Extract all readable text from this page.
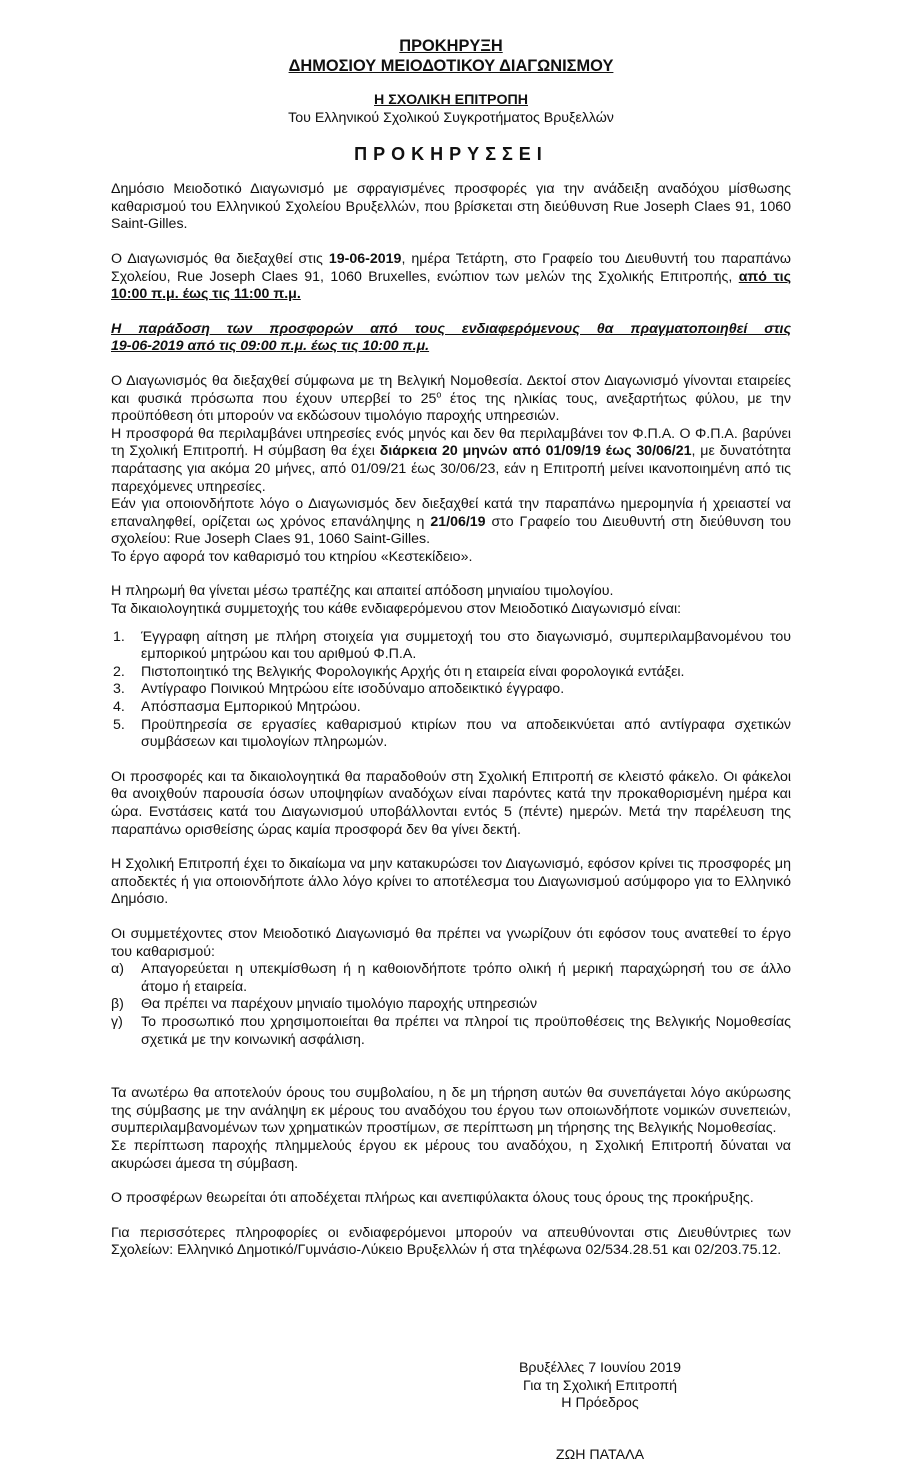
ΠΡΟΚΗΡΥΞΗ
ΔΗΜΟΣΙΟΥ ΜΕΙΟΔΟΤΙΚΟΥ ΔΙΑΓΩΝΙΣΜΟΥ
Η ΣΧΟΛΙΚΗ ΕΠΙΤΡΟΠΗ
Του Ελληνικού Σχολικού Συγκροτήματος Βρυξελλών
ΠΡΟΚΗΡΥΣΣΕΙ

Δημόσιο Μειοδοτικό Διαγωνισμό με σφραγισμένες προσφορές για την ανάδειξη αναδόχου μίσθωσης καθαρισμού του Ελληνικού Σχολείου Βρυξελλών, που βρίσκεται στη διεύθυνση Rue Joseph Claes 91, 1060 Saint-Gilles.

Ο Διαγωνισμός θα διεξαχθεί στις 19-06-2019, ημέρα Τετάρτη, στο Γραφείο του Διευθυντή του παραπάνω Σχολείου, Rue Joseph Claes 91, 1060 Bruxelles, ενώπιον των μελών της Σχολικής Επιτροπής, από τις 10:00 π.μ. έως τις 11:00 π.μ.

Η παράδοση των προσφορών από τους ενδιαφερόμενους θα πραγματοποιηθεί στις

19-06-2019 από τις 09:00 π.μ. έως τις 10:00 π.μ.

Ο Διαγωνισμός θα διεξαχθεί σύμφωνα με τη Βελγική Νομοθεσία. Δεκτοί στον Διαγωνισμό γίνονται εταιρείες και φυσικά πρόσωπα που έχουν υπερβεί το $25^o$ έτος της ηλικίας τους, ανεξαρτήτως φύλου, με την προϋπόθεση ότι μπορούν να εκδώσουν τιμολόγιο παροχής υπηρεσιών.

Η προσφορά θα περιλαμβάνει υπηρεσίες ενός μηνός και δεν θα περιλαμβάνει τον Φ.Π.Α. Ο Φ.Π.Α. βαρύνει τη Σχολική Επιτροπή. Η σύμβαση θα έχει διάρκεια 20 μηνών από 01/09/19 έως 30/06/21, με δυνατότητα παράτασης για ακόμα 20 μήνες, από 01/09/21 έως 30/06/23, εάν η Επιτροπή μείνει ικανοποιημένη από τις παρεχόμενες υπηρεσίες.

Εάν για οποιονδήποτε λόγο ο Διαγωνισμός δεν διεξαχθεί κατά την παραπάνω ημερομηνία ή χρειαστεί να επαναληφθεί, ορίζεται ως χρόνος επανάληψης η 21/06/19 στο Γραφείο του Διευθυντή στη διεύθυνση του σχολείου: Rue Joseph Claes 91, 1060 Saint-Gilles.

Το έργο αφορά τον καθαρισμό του κτηρίου «Κεστεκίδειο».

Η πληρωμή θα γίνεται μέσω τραπέζης και απαιτεί απόδοση μηνιαίου τιμολογίου.

Τα δικαιολογητικά συμμετοχής του κάθε ενδιαφερόμενου στον Μειοδοτικό Διαγωνισμό είναι:

1. Έγγραφη αίτηση με πλήρη στοιχεία για συμμετοχή του στο διαγωνισμό, συμπεριλαμβανομένου του εμπορικού μητρώου και του αριθμού Φ.Π.Α.
2. Πιστοποιητικό της Βελγικής Φορολογικής Αρχής ότι η εταιρεία είναι φορολογικά εντάξει.
3. Αντίγραφο Ποινικού Μητρώου είτε ισοδύναμο αποδεικτικό έγγραφο.
4. Απόσπασμα Εμπορικού Μητρώου.
5. Προϋπηρεσία σε εργασίες καθαρισμού κτιρίων που να αποδεικνύεται από αντίγραφα σχετικών συμβάσεων και τιμολογίων πληρωμών.

Οι προσφορές και τα δικαιολογητικά θα παραδοθούν στη Σχολική Επιτροπή σε κλειστό φάκελο. Οι φάκελοι θα ανοιχθούν παρουσία όσων υποψηφίων αναδόχων είναι παρόντες κατά την προκαθορισμένη ημέρα και ώρα. Ενστάσεις κατά του Διαγωνισμού υποβάλλονται εντός 5 (πέντε) ημερών. Μετά την παρέλευση της παραπάνω ορισθείσης ώρας καμία προσφορά δεν θα γίνει δεκτή.

Η Σχολική Επιτροπή έχει το δικαίωμα να μην κατακυρώσει τον Διαγωνισμό, εφόσον κρίνει τις προσφορές μη αποδεκτές ή για οποιονδήποτε άλλο λόγο κρίνει το αποτέλεσμα του Διαγωνισμού ασύμφορο για το Ελληνικό Δημόσιο.

Οι συμμετέχοντες στον Μειοδοτικό Διαγωνισμό θα πρέπει να γνωρίζουν ότι εφόσον τους ανατεθεί το έργο του καθαρισμού:

α) Απαγορεύεται η υπεκμίσθωση ή η καθοιονδήποτε τρόπο ολική ή μερική παραχώρησή του σε άλλο άτομο ή εταιρεία.
β) Θα πρέπει να παρέχουν μηνιαίο τιμολόγιο παροχής υπηρεσιών
γ) Το προσωπικό που χρησιμοποιείται θα πρέπει να πληροί τις προϋποθέσεις της Βελγικής Νομοθεσίας σχετικά με την κοινωνική ασφάλιση.

Τα ανωτέρω θα αποτελούν όρους του συμβολαίου, η δε μη τήρηση αυτών θα συνεπάγεται λόγο ακύρωσης της σύμβασης με την ανάληψη εκ μέρους του αναδόχου του έργου των οποιωνδήποτε νομικών συνεπειών, συμπεριλαμβανομένων των χρηματικών προστίμων, σε περίπτωση μη τήρησης της Βελγικής Νομοθεσίας.

Σε περίπτωση παροχής πλημμελούς έργου εκ μέρους του αναδόχου, η Σχολική Επιτροπή δύναται να ακυρώσει άμεσα τη σύμβαση.

Ο προσφέρων θεωρείται ότι αποδέχεται πλήρως και ανεπιφύλακτα όλους τους όρους της προκήρυξης.

Για περισσότερες πληροφορίες οι ενδιαφερόμενοι μπορούν να απευθύνονται στις Διευθύντριες των Σχολείων: Ελληνικό Δημοτικό/Γυμνάσιο-Λύκειο Βρυξελλών ή στα τηλέφωνα 02/534.28.51 και 02/203.75.12.

Βρυξέλλες 7 Ιουνίου 2019
Για τη Σχολική Επιτροπή
Η Πρόεδρος
ΖΩΗ ΠΑΤΑΛΑ
